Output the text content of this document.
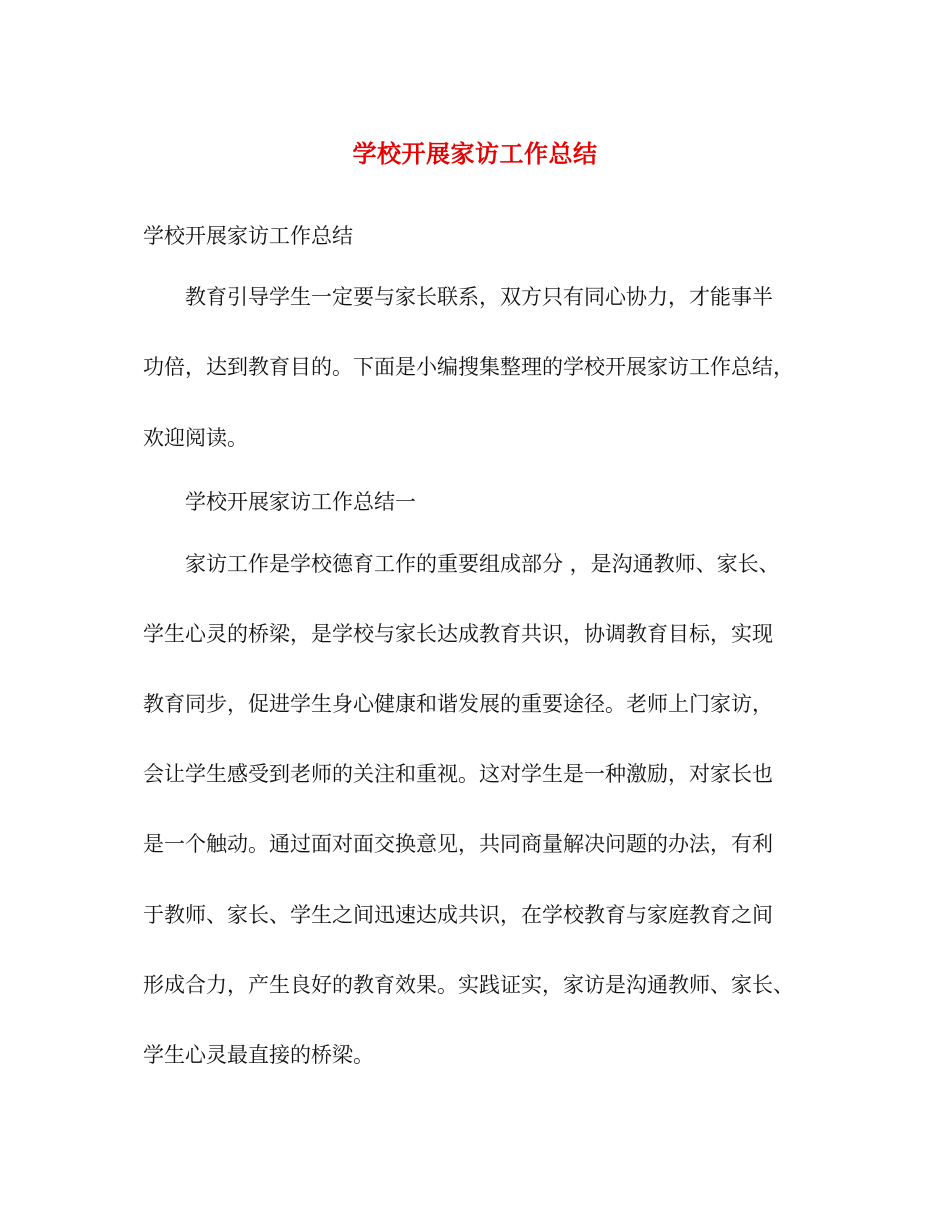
学校开展家访工作总结
学校开展家访工作总结
教育引导学生一定要与家长联系，双方只有同心协力，才能事半
功倍，达到教育目的。下面是小编搜集整理的学校开展家访工作总结，
欢迎阅读。
学校开展家访工作总结一
家访工作是学校德育工作的重要组成部分 ，是沟通教师、家长、
学生心灵的桥梁，是学校与家长达成教育共识，协调教育目标，实现
教育同步，促进学生身心健康和谐发展的重要途径。老师上门家访，
会让学生感受到老师的关注和重视。这对学生是一种激励，对家长也
是一个触动。通过面对面交换意见，共同商量解决问题的办法，有利
于教师、家长、学生之间迅速达成共识，在学校教育与家庭教育之间
形成合力，产生良好的教育效果。实践证实，家访是沟通教师、家长、
学生心灵最直接的桥梁。
